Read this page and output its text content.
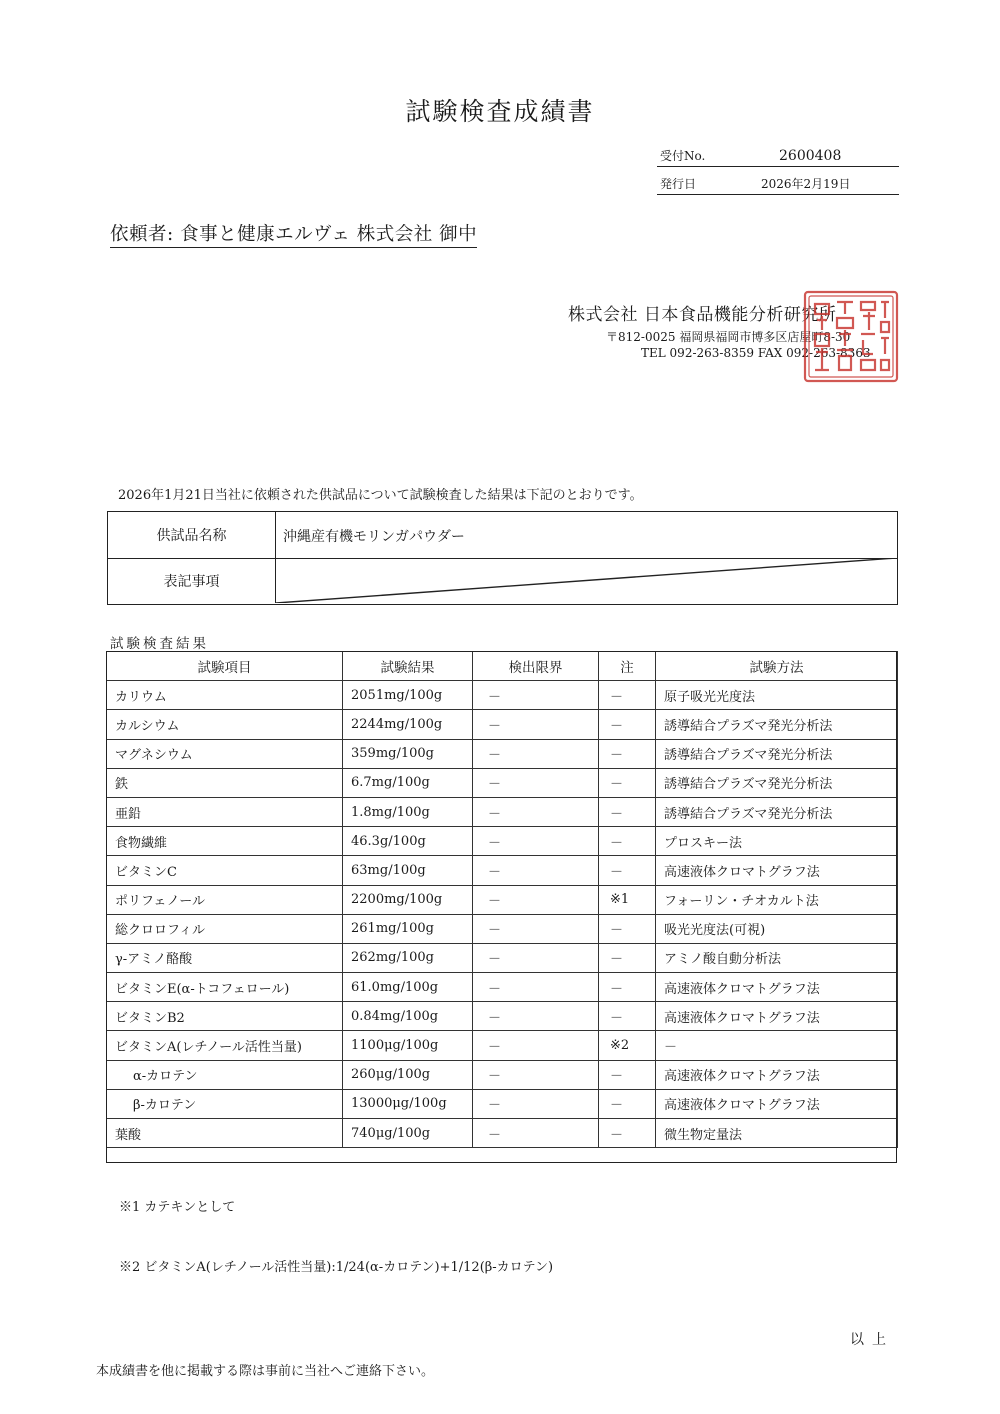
試験検査成績書
受付No.	2600408
発行日	2026年2月19日
依頼者: 食事と健康エルヴェ 株式会社 御中
株式会社 日本食品機能分析研究所
〒812-0025 福岡県福岡市博多区店屋町8-30
TEL 092-263-8359 FAX 092-263-8363
2026年1月21日当社に依頼された供試品について試験検査した結果は下記のとおりです。
供試品名称	沖縄産有機モリンガパウダー
表記事項
試験検査結果
試験項目	試験結果	検出限界	注	試験方法
カリウム	2051mg/100g	－	－	原子吸光光度法
カルシウム	2244mg/100g	－	－	誘導結合プラズマ発光分析法
マグネシウム	359mg/100g	－	－	誘導結合プラズマ発光分析法
鉄	6.7mg/100g	－	－	誘導結合プラズマ発光分析法
亜鉛	1.8mg/100g	－	－	誘導結合プラズマ発光分析法
食物繊維	46.3g/100g	－	－	プロスキー法
ビタミンC	63mg/100g	－	－	高速液体クロマトグラフ法
ポリフェノール	2200mg/100g	－	※1	フォーリン・チオカルト法
総クロロフィル	261mg/100g	－	－	吸光光度法(可視)
γ-アミノ酪酸	262mg/100g	－	－	アミノ酸自動分析法
ビタミンE(α-トコフェロール)	61.0mg/100g	－	－	高速液体クロマトグラフ法
ビタミンB2	0.84mg/100g	－	－	高速液体クロマトグラフ法
ビタミンA(レチノール活性当量)	1100μg/100g	－	※2	－
α-カロテン	260μg/100g	－	－	高速液体クロマトグラフ法
β-カロテン	13000μg/100g	－	－	高速液体クロマトグラフ法
葉酸	740μg/100g	－	－	微生物定量法
※1 カテキンとして
※2 ビタミンA(レチノール活性当量):1/24(α-カロテン)+1/12(β-カロテン)
以上
本成績書を他に掲載する際は事前に当社へご連絡下さい。
